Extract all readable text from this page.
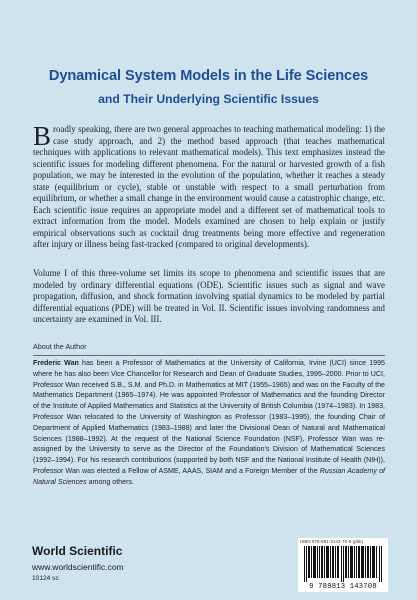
Dynamical System Models in the Life Sciences
and Their Underlying Scientific Issues
Broadly speaking, there are two general approaches to teaching mathematical modeling: 1) the case study approach, and 2) the method based approach (that teaches mathematical techniques with applications to relevant mathematical models). This text emphasizes instead the scientific issues for modeling different phenomena. For the natural or harvested growth of a fish population, we may be interested in the evolution of the population, whether it reaches a steady state (equilibrium or cycle), stable or unstable with respect to a small perturbation from equilibrium, or whether a small change in the environment would cause a catastrophic change, etc. Each scientific issue requires an appropriate model and a different set of mathematical tools to extract information from the model. Models examined are chosen to help explain or justify empirical observations such as cocktail drug treatments being more effective and regeneration after injury or illness being fast-tracked (compared to original developments).
Volume I of this three-volume set limits its scope to phenomena and scientific issues that are modeled by ordinary differential equations (ODE). Scientific issues such as signal and wave propagation, diffusion, and shock formation involving spatial dynamics to be modeled by partial differential equations (PDE) will be treated in Vol. II. Scientific issues involving randomness and uncertainty are examined in Vol. III.
About the Author
Frederic Wan has been a Professor of Mathematics at the University of California, Irvine (UCI) since 1995 where he has also been Vice Chancellor for Research and Dean of Graduate Studies, 1995–2000. Prior to UCI, Professor Wan received S.B., S.M. and Ph.D. in Mathematics at MIT (1955–1965) and was on the Faculty of the Mathematics Department (1965–1974). He was appointed Professor of Mathematics and the founding Director of the Institute of Applied Mathematics and Statistics at the University of British Columbia (1974–1983). In 1983, Professor Wan relocated to the University of Washington as Professor (1983–1995), the founding Chair of Department of Applied Mathematics (1983–1988) and later the Divisional Dean of Natural and Mathematical Sciences (1988–1992). At the request of the National Science Foundation (NSF), Professor Wan was re-assigned by the University to serve as the Director of the Foundation's Division of Mathematical Sciences (1992–1994). For his research contributions (supported by both NSF and the National Institute of Health (NIH)), Professor Wan was elected a Fellow of ASME, AAAS, SIAM and a Foreign Member of the Russian Academy of Natural Sciences among others.
World Scientific
www.worldscientific.com
10124 sc
ISBN 978-981-3143-70-8 (pbk)
9 789813 143708
